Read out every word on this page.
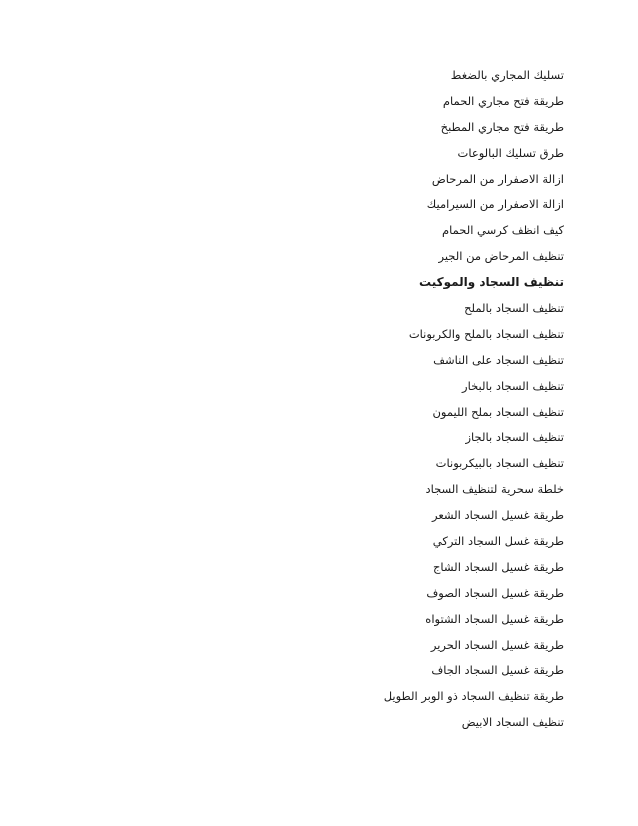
تسليك المجاري بالضغط
طريقة فتح مجاري الحمام
طريقة فتح مجاري المطبخ
طرق تسليك البالوعات
ازالة الاصفرار من المرحاض
ازالة الاصفرار من السيراميك
كيف انظف كرسي الحمام
تنظيف المرحاض من الجير
تنظيف السجاد والموكيت
تنظيف السجاد بالملح
تنظيف السجاد بالملح والكربونات
تنظيف السجاد على الناشف
تنظيف السجاد بالبخار
تنظيف السجاد بملح الليمون
تنظيف السجاد بالجاز
تنظيف السجاد بالبيكربونات
خلطة سحرية لتنظيف السجاد
طريقة غسيل السجاد الشعر
طريقة غسل السجاد التركي
طريقة غسيل السجاد الشاج
طريقة غسيل السجاد الصوف
طريقة غسيل السجاد الشتواه
طريقة غسيل السجاد الحرير
طريقة غسيل السجاد الجاف
طريقة تنظيف السجاد ذو الوبر الطويل
تنظيف السجاد الابيض
